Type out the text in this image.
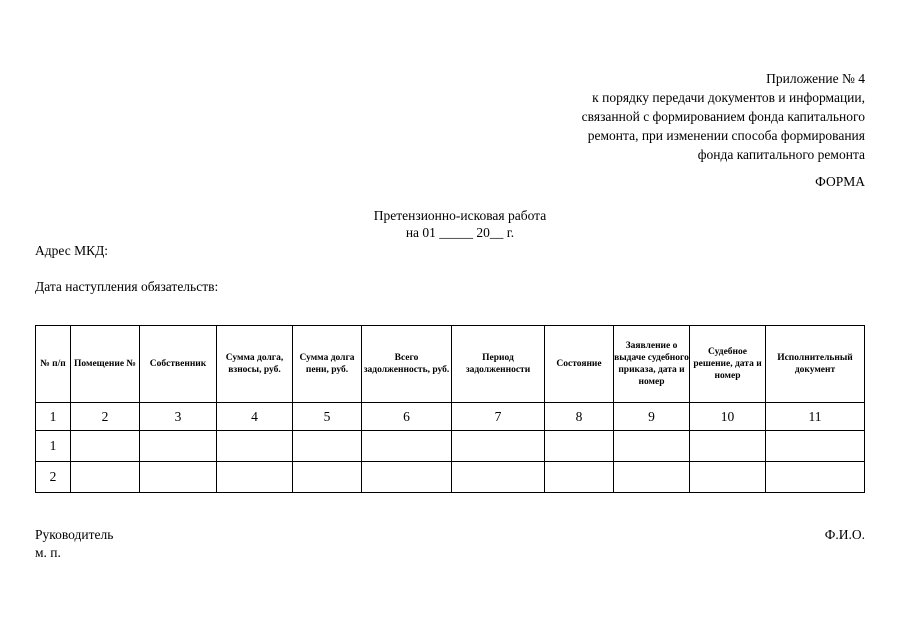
Приложение № 4
к порядку передачи документов и информации,
связанной с формированием фонда капитального
ремонта, при изменении способа формирования
фонда капитального ремонта
ФОРМА
Претензионно-исковая работа
на 01 _____ 20__ г.
Адрес МКД:
Дата наступления обязательств:
№ п/п	Помещение №	Собственник	Сумма долга, взносы, руб.	Сумма долга пени, руб.	Всего задолженность, руб.	Период задолженности	Состояние	Заявление о выдаче судебного приказа, дата и номер	Судебное решение, дата и номер	Исполнительный документ
1	2	3	4	5	6	7	8	9	10	11
1										
2										
Руководитель	Ф.И.О.
м. п.
